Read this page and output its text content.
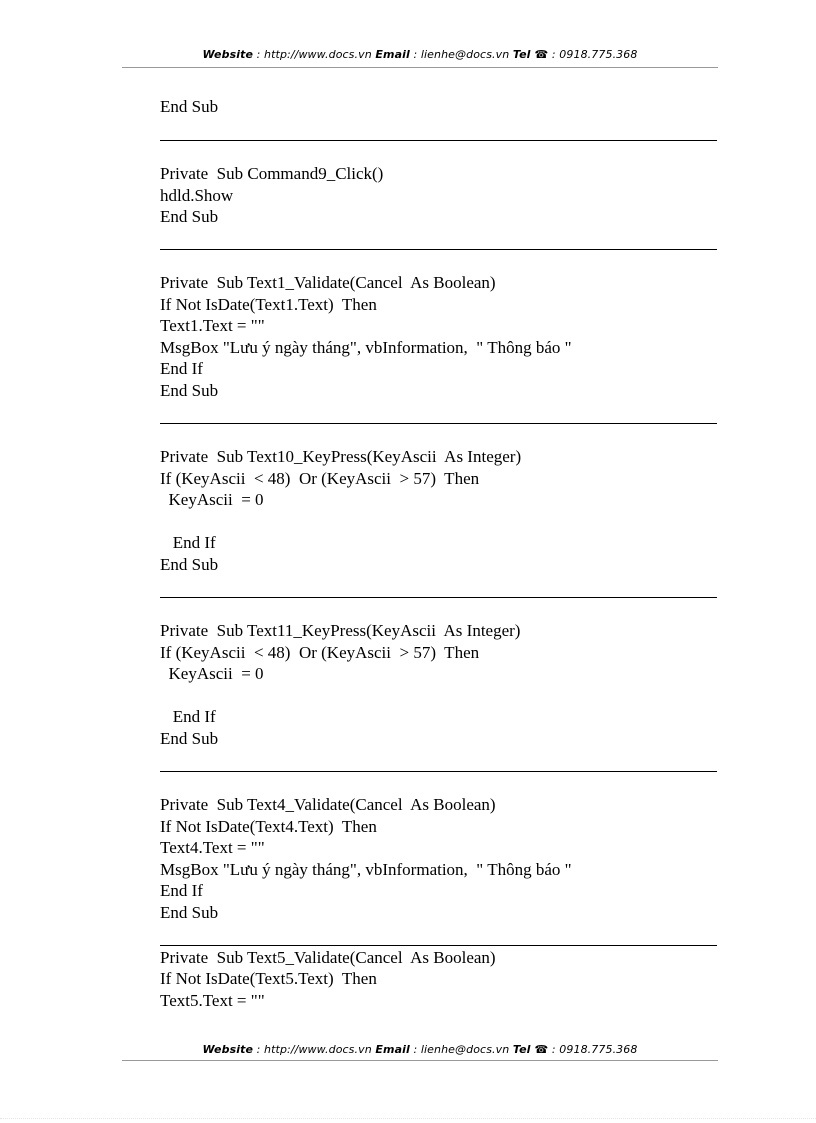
Website : http://www.docs.vn Email : lienhe@docs.vn Tel ☎ : 0918.775.368

End Sub

Private  Sub Command9_Click()

hdld.Show

End Sub

Private  Sub Text1_Validate(Cancel  As Boolean)

If Not IsDate(Text1.Text)  Then

Text1.Text = ""

MsgBox "Lưu ý ngày tháng", vbInformation,  " Thông báo "

End If

End Sub

Private  Sub Text10_KeyPress(KeyAscii  As Integer)

If (KeyAscii  < 48)  Or (KeyAscii  > 57)  Then

KeyAscii  = 0

End If

End Sub

Private  Sub Text11_KeyPress(KeyAscii  As Integer)

If (KeyAscii  < 48)  Or (KeyAscii  > 57)  Then

KeyAscii  = 0

End If

End Sub

Private  Sub Text4_Validate(Cancel  As Boolean)

If Not IsDate(Text4.Text)  Then

Text4.Text = ""

MsgBox "Lưu ý ngày tháng", vbInformation,  " Thông báo "

End If

End Sub

Private  Sub Text5_Validate(Cancel  As Boolean)

If Not IsDate(Text5.Text)  Then

Text5.Text = ""

Website : http://www.docs.vn Email : lienhe@docs.vn Tel ☎ : 0918.775.368
